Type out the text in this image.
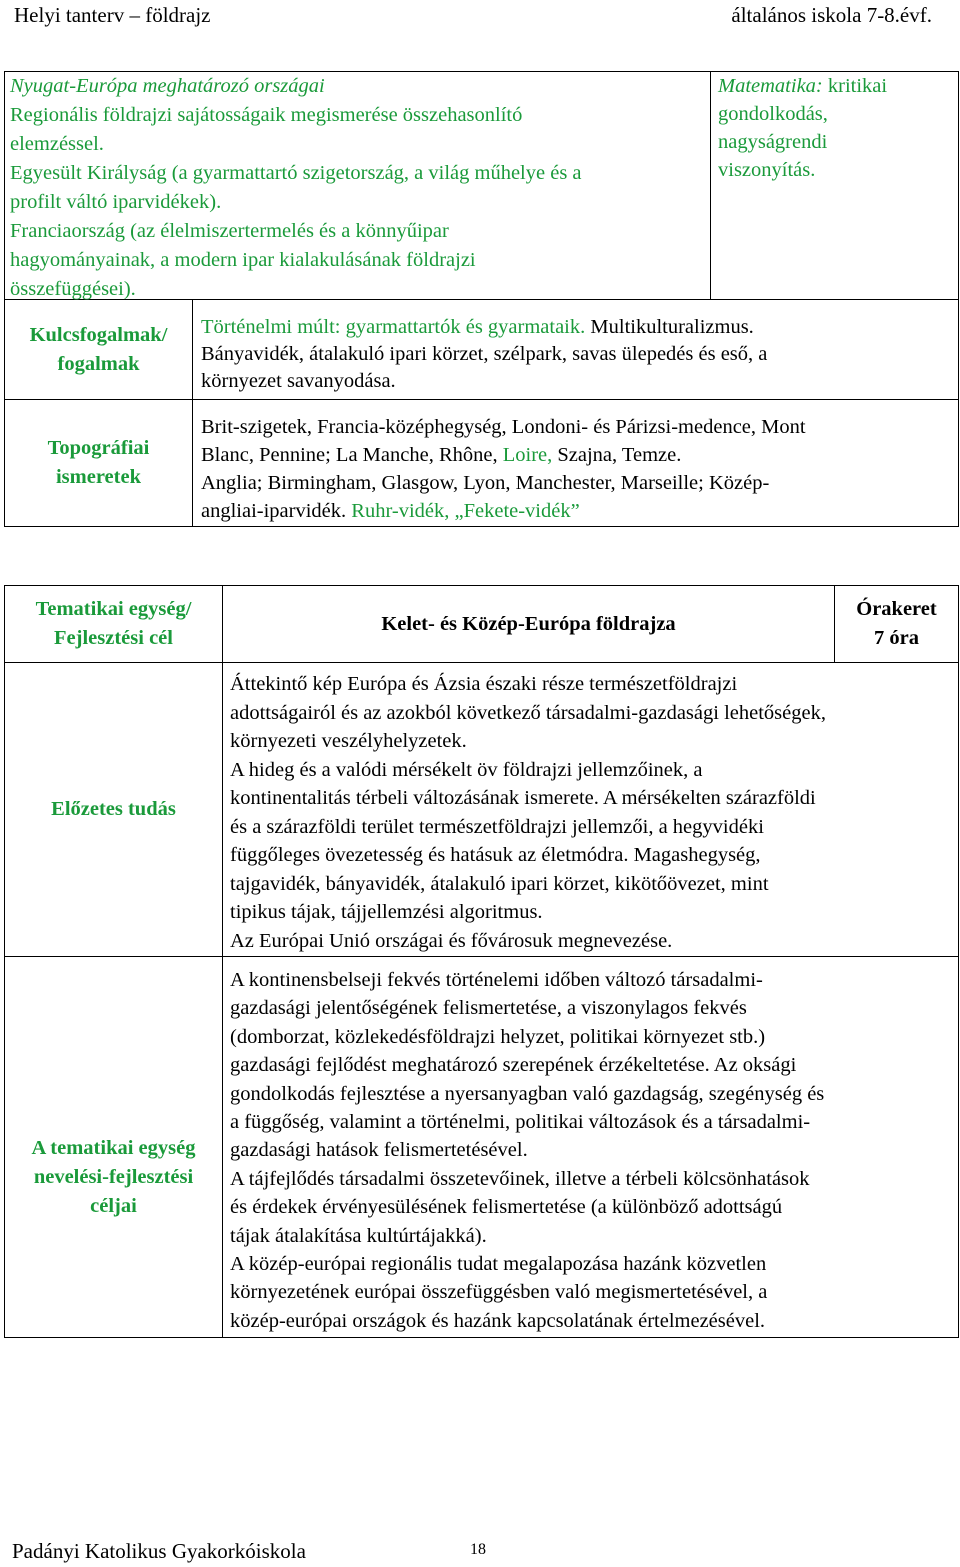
Helyi tanterv – földrajz	általános iskola 7-8.évf.

Nyugat-Európa meghatározó országai

Regionális földrajzi sajátosságaik megismerése összehasonlító

elemzéssel.

Egyesült Királyság (a gyarmattartó szigetország, a világ műhelye és a

profilt váltó iparvidékek).

Franciaország (az élelmiszertermelés és a könnyűipar

hagyományainak, a modern ipar kialakulásának földrajzi

összefüggései).

Matematika: kritikai

gondolkodás,

nagyságrendi

viszonyítás.

Kulcsfogalmak/

fogalmak

Történelmi múlt: gyarmattartók és gyarmataik. Multikulturalizmus.

Bányavidék, átalakuló ipari körzet, szélpark, savas ülepedés és eső, a

környezet savanyodása.

Topográfiai

ismeretek

Brit-szigetek, Francia-középhegység, Londoni- és Párizsi-medence, Mont

Blanc, Pennine; La Manche, Rhône, Loire, Szajna, Temze.

Anglia; Birmingham, Glasgow, Lyon, Manchester, Marseille; Közép-

angliai-iparvidék. Ruhr-vidék, „Fekete-vidék”

Tematikai egység/

Fejlesztési cél

Kelet- és Közép-Európa földrajza

Órakeret

7 óra

Előzetes tudás

Áttekintő kép Európa és Ázsia északi része természetföldrajzi

adottságairól és az azokból következő társadalmi-gazdasági lehetőségek,

környezeti veszélyhelyzetek.

A hideg és a valódi mérsékelt öv földrajzi jellemzőinek, a

kontinentalitás térbeli változásának ismerete. A mérsékelten szárazföldi

és a szárazföldi terület természetföldrajzi jellemzői, a hegyvidéki

függőleges övezetesség és hatásuk az életmódra. Magashegység,

tajgavidék, bányavidék, átalakuló ipari körzet, kikötőövezet, mint

tipikus tájak, tájjellemzési algoritmus.

Az Európai Unió országai és fővárosuk megnevezése.

A tematikai egység

nevelési-fejlesztési

céljai

A kontinensbelseji fekvés történelemi időben változó társadalmi-

gazdasági jelentőségének felismertetése, a viszonylagos fekvés

(domborzat, közlekedésföldrajzi helyzet, politikai környezet stb.)

gazdasági fejlődést meghatározó szerepének érzékeltetése. Az oksági

gondolkodás fejlesztése a nyersanyagban való gazdagság, szegénység és

a függőség, valamint a történelmi, politikai változások és a társadalmi-

gazdasági hatások felismertetésével.

A tájfejlődés társadalmi összetevőinek, illetve a térbeli kölcsönhatások

és érdekek érvényesülésének felismertetése (a különböző adottságú

tájak átalakítása kultúrtájakká).

A közép-európai regionális tudat megalapozása hazánk közvetlen

környezetének európai összefüggésben való megismertetésével, a

közép-európai országok és hazánk kapcsolatának értelmezésével.

Padányi Katolikus Gyakorkóiskola	18
